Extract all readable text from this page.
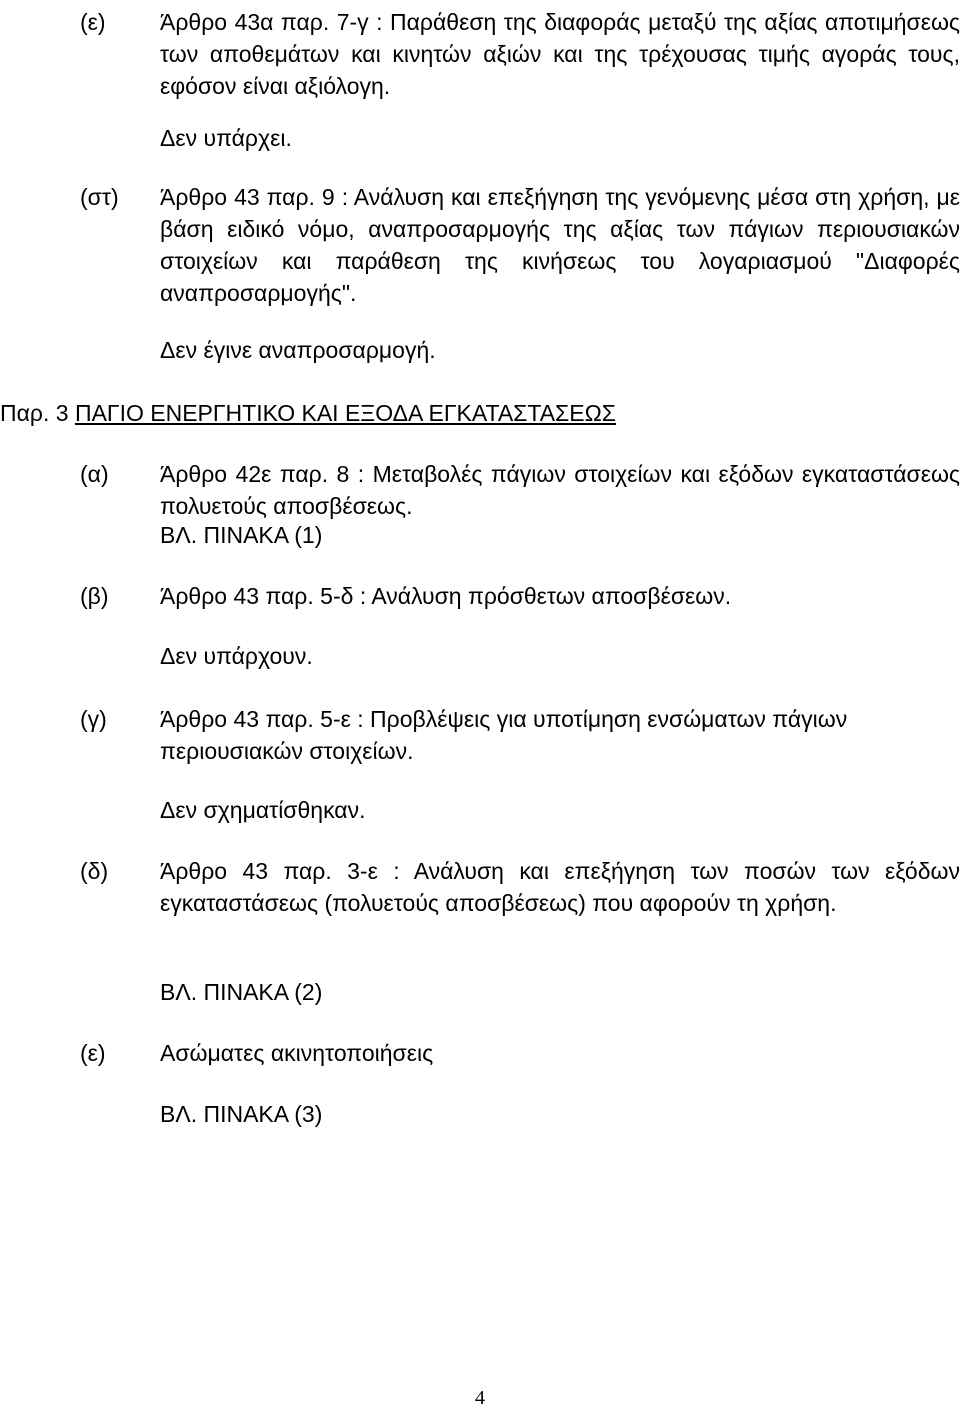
(ε) Άρθρο 43α παρ. 7-γ : Παράθεση της διαφοράς μεταξύ της αξίας αποτιμήσεως των αποθεμάτων και κινητών αξιών και της τρέχουσας τιμής αγοράς τους, εφόσον είναι αξιόλογη.
Δεν υπάρχει.
(στ) Άρθρο 43 παρ. 9 : Ανάλυση και επεξήγηση της γενόμενης μέσα στη χρήση, με βάση ειδικό νόμο, αναπροσαρμογής της αξίας των πάγιων περιουσιακών στοιχείων και παράθεση της κινήσεως του λογαριασμού "Διαφορές αναπροσαρμογής".
Δεν έγινε αναπροσαρμογή.
Παρ. 3 ΠΑΓΙΟ ΕΝΕΡΓΗΤΙΚΟ ΚΑΙ ΕΞΟΔΑ ΕΓΚΑΤΑΣΤΑΣΕΩΣ
(α) Άρθρο 42ε παρ. 8 : Μεταβολές πάγιων στοιχείων και εξόδων εγκαταστάσεως πολυετούς αποσβέσεως.
ΒΛ. ΠΙΝΑΚΑ (1)
(β) Άρθρο 43 παρ. 5-δ : Ανάλυση πρόσθετων αποσβέσεων.
Δεν υπάρχουν.
(γ) Άρθρο 43 παρ. 5-ε : Προβλέψεις για υποτίμηση ενσώματων πάγιων περιουσιακών στοιχείων.
Δεν σχηματίσθηκαν.
(δ) Άρθρο 43 παρ. 3-ε : Ανάλυση και επεξήγηση των ποσών των εξόδων εγκαταστάσεως (πολυετούς αποσβέσεως) που αφορούν τη χρήση.
ΒΛ. ΠΙΝΑΚΑ (2)
(ε) Ασώματες ακινητοποιήσεις
ΒΛ. ΠΙΝΑΚΑ (3)
4
